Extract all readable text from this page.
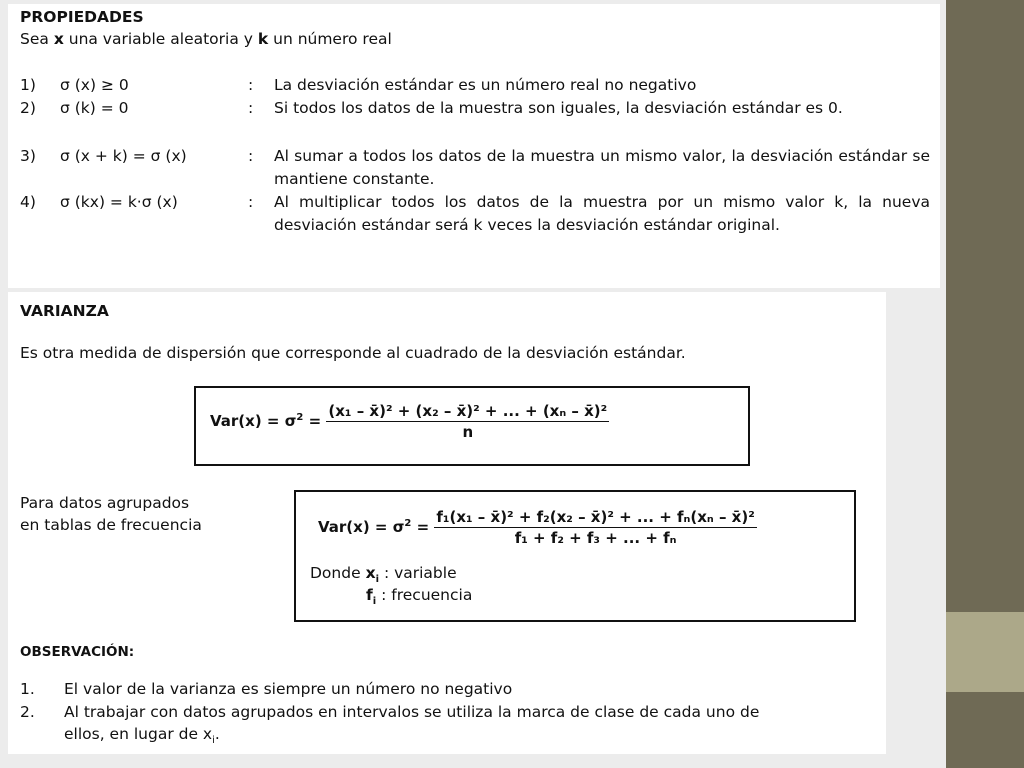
PROPIEDADES
Sea x una variable aleatoria y k un número real
1) σ (x) ≥ 0	: La desviación estándar es un número real no negativo
2) σ (k) = 0	: Si todos los datos de la muestra son iguales, la desviación estándar es 0.
3) σ (x + k) = σ (x)	: Al sumar a todos los datos de la muestra un mismo valor, la desviación estándar se mantiene constante.
4) σ (kx) = k·σ (x)	: Al multiplicar todos los datos de la muestra por un mismo valor k, la nueva desviación estándar será k veces la desviación estándar original.
VARIANZA
Es otra medida de dispersión que corresponde al cuadrado de la desviación estándar.
$Var(x) = \sigma^2 = \frac{\text{(x₁ – x̄)² + (x₂ – x̄)² + ... + (xₙ – x̄)²}}{n}$
Para datos agrupados
en tablas de frecuencia	$Var(x) = \sigma^2 = \frac{\text{f₁(x₁ – x̄)² + f₂(x₂ – x̄)² + ... + fₙ(xₙ – x̄)²}}{\text{f₁ + f₂ + f₃ + ... + fₙ}}$
Donde $x_i$ : variable
$f_i$ : frecuencia
OBSERVACIÓN:
1. El valor de la varianza es siempre un número no negativo
2. Al trabajar con datos agrupados en intervalos se utiliza la marca de clase de cada uno de
ellos, en lugar de $x_i$.
